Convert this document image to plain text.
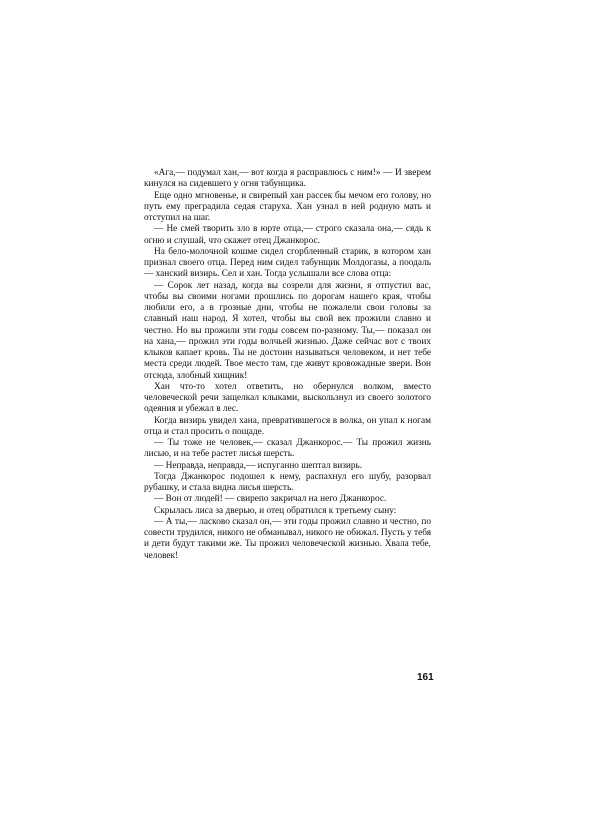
«Ага,— подумал хан,— вот когда я расправлюсь с ним!» — И зверем кинулся на сидевшего у огня табунщика.

Еще одно мгновенье, и свирепый хан рассек бы мечом его голову, но путь ему преградила седая старуха. Хан узнал в ней родную мать и отступил на шаг.

— Не смей творить зло в юрте отца,— строго сказала она,— сядь к огню и слушай, что скажет отец Джанкорос.

На бело-молочной кошме сидел сгорбленный старик, в котором хан признал своего отца. Перед ним сидел табунщик Молдогазы, а поодаль — ханский визирь. Сел и хан. Тогда услышали все слова отца:

— Сорок лет назад, когда вы созрели для жизни, я отпустил вас, чтобы вы своими ногами прошлись по дорогам нашего края, чтобы любили его, а в грозные дни, чтобы не пожалели свои головы за славный наш народ. Я хотел, чтобы вы свой век прожили славно и честно. Но вы прожили эти годы совсем по-разному. Ты,— показал он на хана,— прожил эти годы волчьей жизнью. Даже сейчас вот с твоих клыков капает кровь. Ты не достоин называться человеком, и нет тебе места среди людей. Твое место там, где живут кровожадные звери. Вон отсюда, злобный хищник!

Хан что-то хотел ответить, но обернулся волком, вместо человеческой речи защелкал клыками, выскользнул из своего золотого одеяния и убежал в лес.

Когда визирь увидел хана, превратившегося в волка, он упал к ногам отца и стал просить о пощаде.

— Ты тоже не человек,— сказал Джанкорос.— Ты прожил жизнь лисью, и на тебе растет лисья шерсть.

— Неправда, неправда,— испуганно шептал визирь.

Тогда Джанкорос подошел к нему, распахнул его шубу, разорвал рубашку, и стала видна лисья шерсть.

— Вон от людей! — свирепо закричал на него Джанкорос.

Скрылась лиса за дверью, и отец обратился к третьему сыну:

— А ты,— ласково сказал он,— эти годы прожил славно и честно, по совести трудился, никого не обманывал, никого не обижал. Пусть у тебя и дети будут такими же. Ты прожил человеческой жизнью. Хвала тебе, человек!

161
